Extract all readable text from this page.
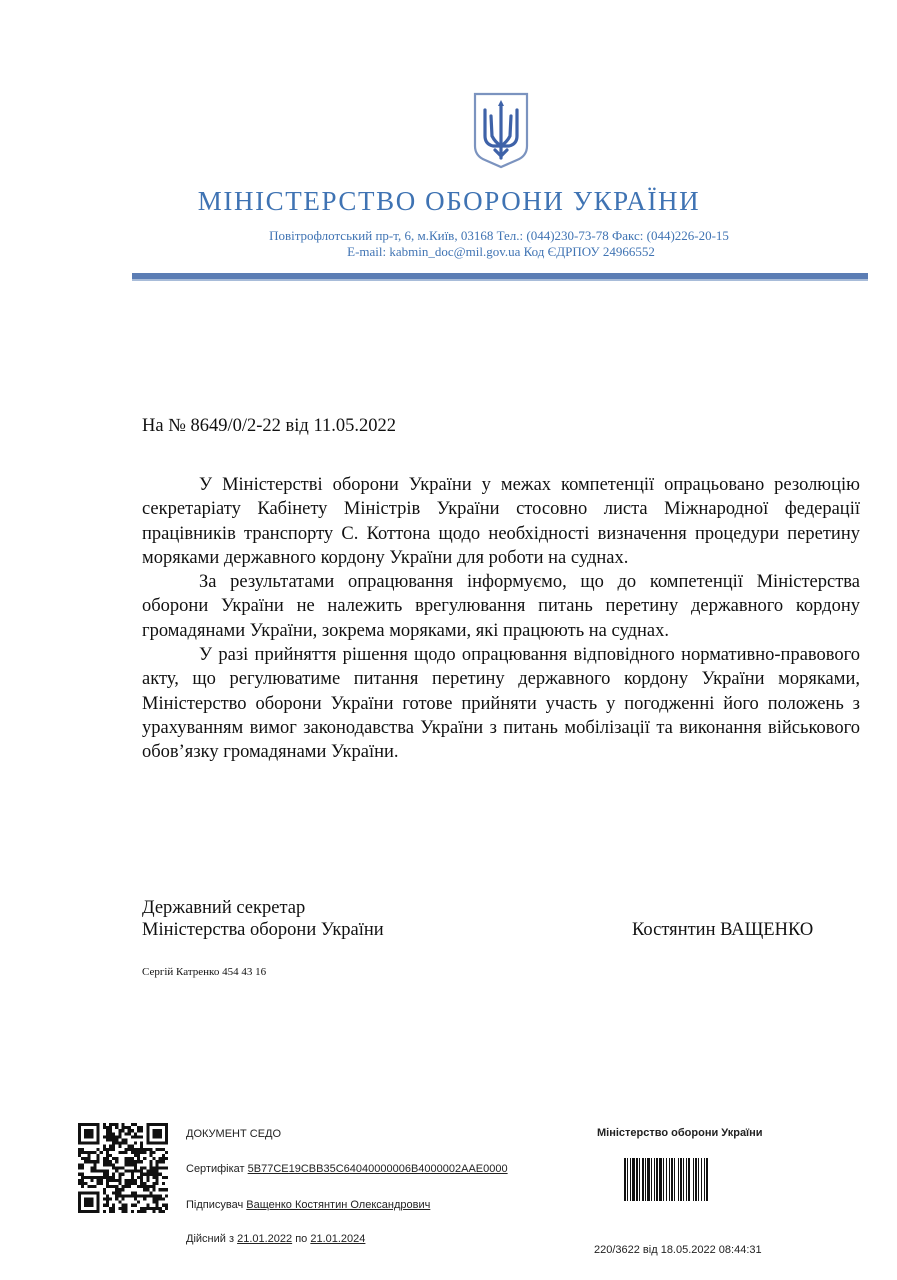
МІНІСТЕРСТВО ОБОРОНИ УКРАЇНИ
Повітрофлотський пр-т, 6, м.Київ, 03168 Тел.: (044)230-73-78 Факс: (044)226-20-15
E-mail: kabmin_doc@mil.gov.ua Код ЄДРПОУ 24966552
На № 8649/0/2-22 від 11.05.2022

У Міністерстві оборони України у межах компетенції опрацьовано резолюцію секретаріату Кабінету Міністрів України стосовно листа Міжнародної федерації працівників транспорту С. Коттона щодо необхідності визначення процедури перетину моряками державного кордону України для роботи на суднах.

За результатами опрацювання інформуємо, що до компетенції Міністерства оборони України не належить врегулювання питань перетину державного кордону громадянами України, зокрема моряками, які працюють на суднах.

У разі прийняття рішення щодо опрацювання відповідного нормативно-правового акту, що регулюватиме питання перетину державного кордону України моряками, Міністерство оборони України готове прийняти участь у погодженні його положень з урахуванням вимог законодавства України з питань мобілізації та виконання військового обов’язку громадянами України.

Державний секретар
Міністерства оборони України	Костянтин ВАЩЕНКО
Сергій Катренко 454 43 16
ДОКУМЕНТ СЕДО
Сертифікат 5B77CE19CBB35C64040000006B4000002AAE0000
Підписувач Ващенко Костянтин Олександрович
Дійсний з 21.01.2022 по 21.01.2024
Міністерство оборони України
220/3622 від 18.05.2022 08:44:31
